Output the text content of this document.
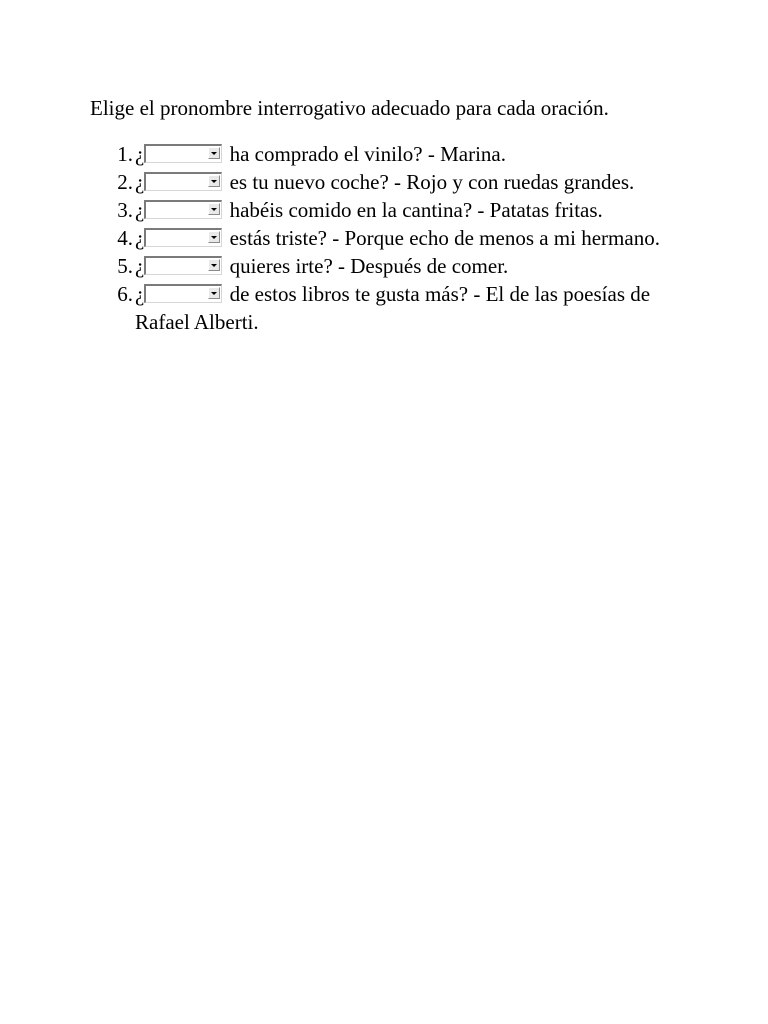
Elige el pronombre interrogativo adecuado para cada oración.

1. ¿	ha comprado el vinilo? - Marina.
2. ¿	es tu nuevo coche? - Rojo y con ruedas grandes.
3. ¿	habéis comido en la cantina? - Patatas fritas.
4. ¿	estás triste? - Porque echo de menos a mi hermano.
5. ¿	quieres irte? - Después de comer.
6. ¿	de estos libros te gusta más? - El de las poesías de Rafael Alberti.
